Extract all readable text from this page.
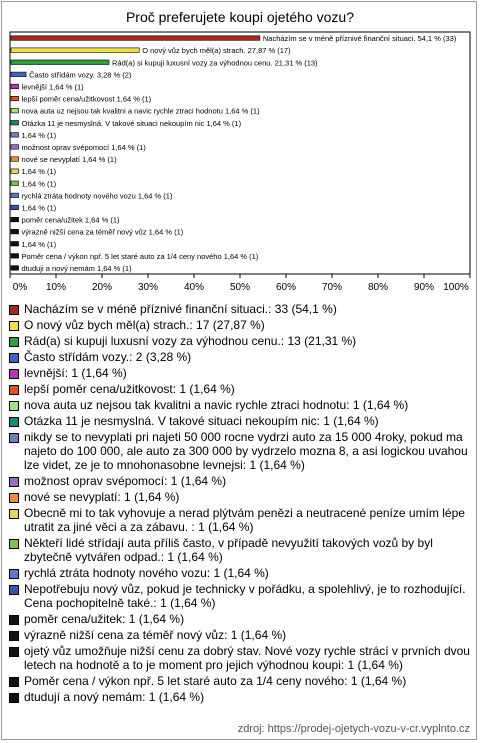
Proč preferujete koupi ojetého vozu?
Nacházím se v méně příznivé finanční situaci. 54,1 % (33)
O nový vůz bych měl(a) strach. 27,87 % (17)
Rád(a) si kupuji luxusní vozy za výhodnou cenu. 21,31 % (13)
Často střídám vozy. 3,28 % (2)
levnější 1,64 % (1)
lepší poměr cena/užitkovost 1,64 % (1)
nova auta uz nejsou tak kvalitni a navic rychle ztraci hodnotu 1,64 % (1)
Otázka 11 je nesmyslná. V takové situaci nekoupím nic 1,64 % (1)
1,64 % (1)
možnost oprav svépomocí 1,64 % (1)
nové se nevyplatí 1,64 % (1)
1,64 % (1)
1,64 % (1)
rychlá ztráta hodnoty nového vozu 1,64 % (1)
1,64 % (1)
poměr cena/užitek 1,64 % (1)
výrazně nižší cena za téměř nový vůz 1,64 % (1)
1,64 % (1)
Poměr cena / výkon npř. 5 let staré auto za 1/4 ceny nového 1,64 % (1)
dtuduji a nový nemám 1,64 % (1)
0% 10%	20%	30%	40%	50%	60%	70%	80%	90% 100%
Nacházím se v méně příznivé finanční situaci.: 33 (54,1 %)
O nový vůz bych měl(a) strach.: 17 (27,87 %)
Rád(a) si kupuji luxusní vozy za výhodnou cenu.: 13 (21,31 %)
Často střídám vozy.: 2 (3,28 %)
levnější: 1 (1,64 %)
lepší poměr cena/užitkovost: 1 (1,64 %)
nova auta uz nejsou tak kvalitni a navic rychle ztraci hodnotu: 1 (1,64 %)
Otázka 11 je nesmyslná. V takové situaci nekoupím nic: 1 (1,64 %)
nikdy se to nevyplati pri najeti 50 000 rocne vydrzi auto za 15 000 4roky, pokud ma najeto do 100 000, ale auto za 300 000 by vydrzelo mozna 8, a asi logickou uvahou lze videt, ze je to mnohonasobne levnejsi: 1 (1,64 %)
možnost oprav svépomocí: 1 (1,64 %)
nové se nevyplatí: 1 (1,64 %)
Obecně mi to tak vyhovuje a nerad plýtvám penězi a neutracené peníze umím lépe utratit za jiné věci a za zábavu. : 1 (1,64 %)
Někteří lidé střídají auta příliš často, v případě nevyužití takových vozů by byl zbytečně vytvářen odpad.: 1 (1,64 %)
rychlá ztráta hodnoty nového vozu: 1 (1,64 %)
Nepotřebuju nový vůz, pokud je technicky v pořádku, a spolehlivý, je to rozhodující. Cena pochopitelně také.: 1 (1,64 %)
poměr cena/užitek: 1 (1,64 %)
výrazně nižší cena za téměř nový vůz: 1 (1,64 %)
ojetý vůz umožňuje nižší cenu za dobrý stav. Nové vozy rychle strácí v prvních dvou letech na hodnotě a to je moment pro jejich výhodnou koupi: 1 (1,64 %)
Poměr cena / výkon npř. 5 let staré auto za 1/4 ceny nového: 1 (1,64 %)
dtudují a nový nemám: 1 (1,64 %)
zdroj: https://prodej-ojetych-vozu-v-cr.vyplnto.cz
